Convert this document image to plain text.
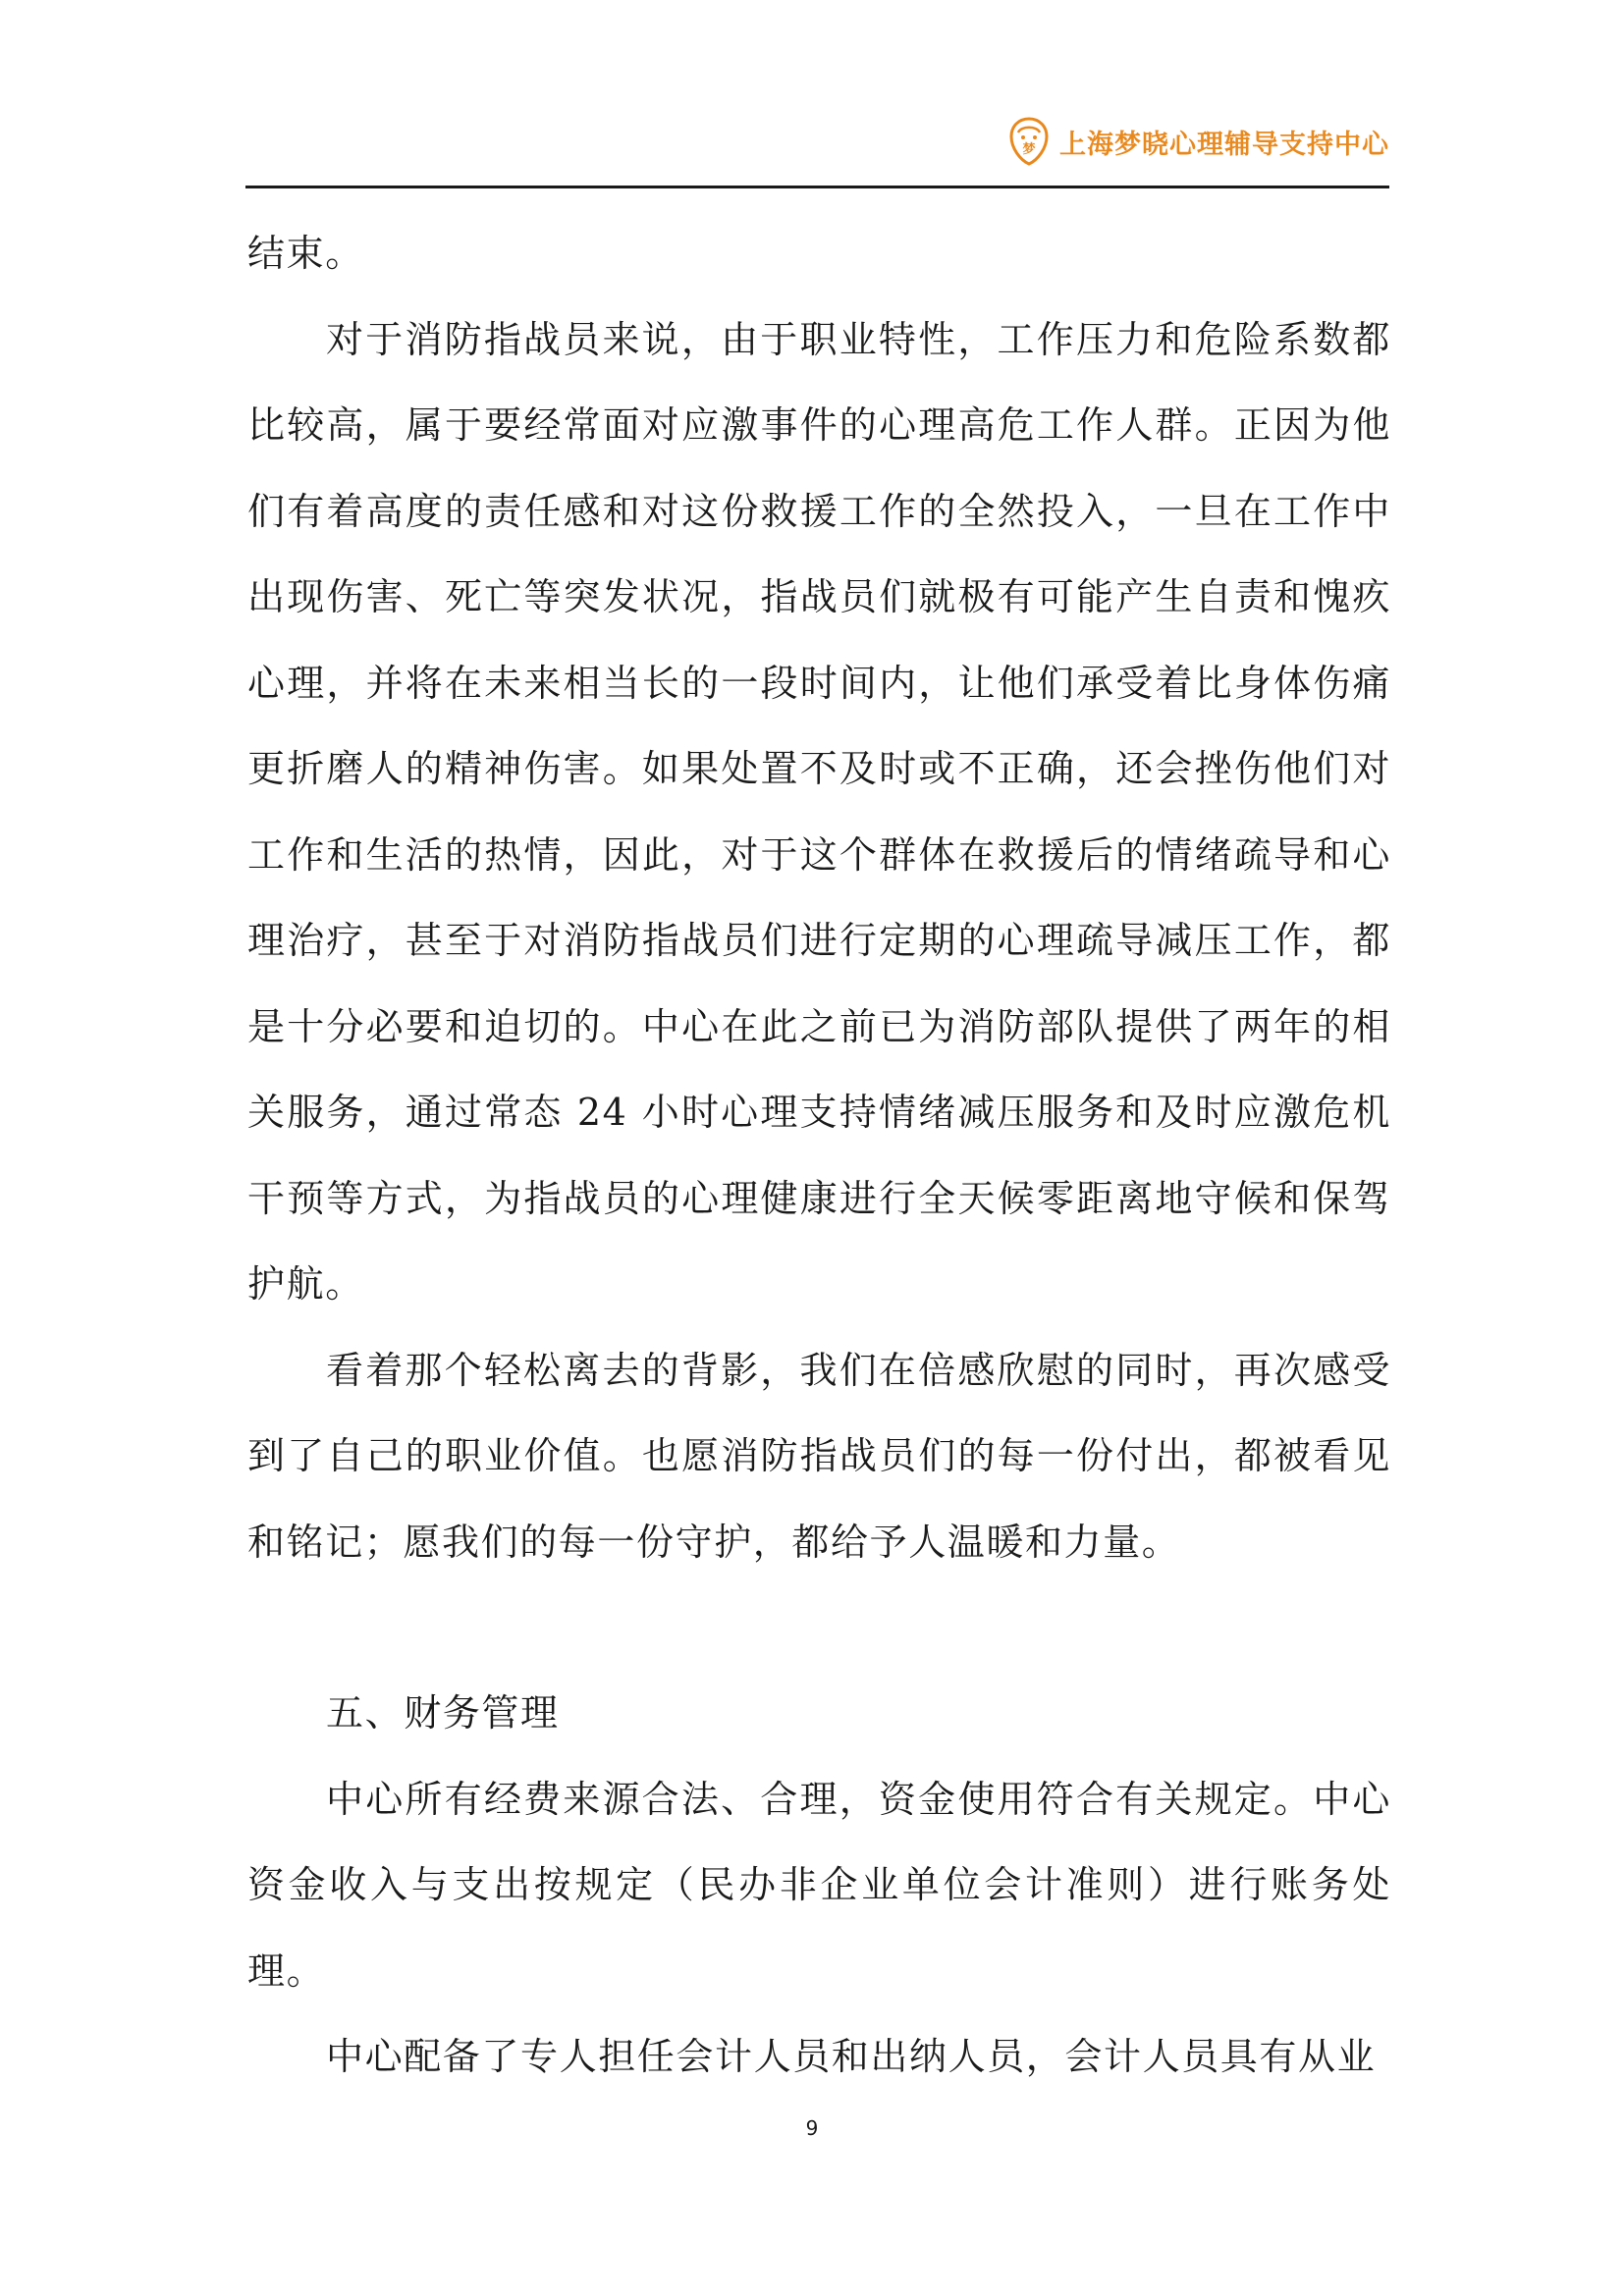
梦 上海梦晓心理辅导支持中心

结束。

对于消防指战员来说，由于职业特性，工作压力和危险系数都比较高，属于要经常面对应激事件的心理高危工作人群。正因为他们有着高度的责任感和对这份救援工作的全然投入，一旦在工作中出现伤害、死亡等突发状况，指战员们就极有可能产生自责和愧疚心理，并将在未来相当长的一段时间内，让他们承受着比身体伤痛更折磨人的精神伤害。如果处置不及时或不正确，还会挫伤他们对工作和生活的热情，因此，对于这个群体在救援后的情绪疏导和心理治疗，甚至于对消防指战员们进行定期的心理疏导减压工作，都是十分必要和迫切的。中心在此之前已为消防部队提供了两年的相关服务，通过常态 24 小时心理支持情绪减压服务和及时应激危机干预等方式，为指战员的心理健康进行全天候零距离地守候和保驾护航。

看着那个轻松离去的背影，我们在倍感欣慰的同时，再次感受到了自己的职业价值。也愿消防指战员们的每一份付出，都被看见和铭记；愿我们的每一份守护，都给予人温暖和力量。

五、财务管理

中心所有经费来源合法、合理，资金使用符合有关规定。中心资金收入与支出按规定（民办非企业单位会计准则）进行账务处理。

中心配备了专人担任会计人员和出纳人员，会计人员具有从业

9
